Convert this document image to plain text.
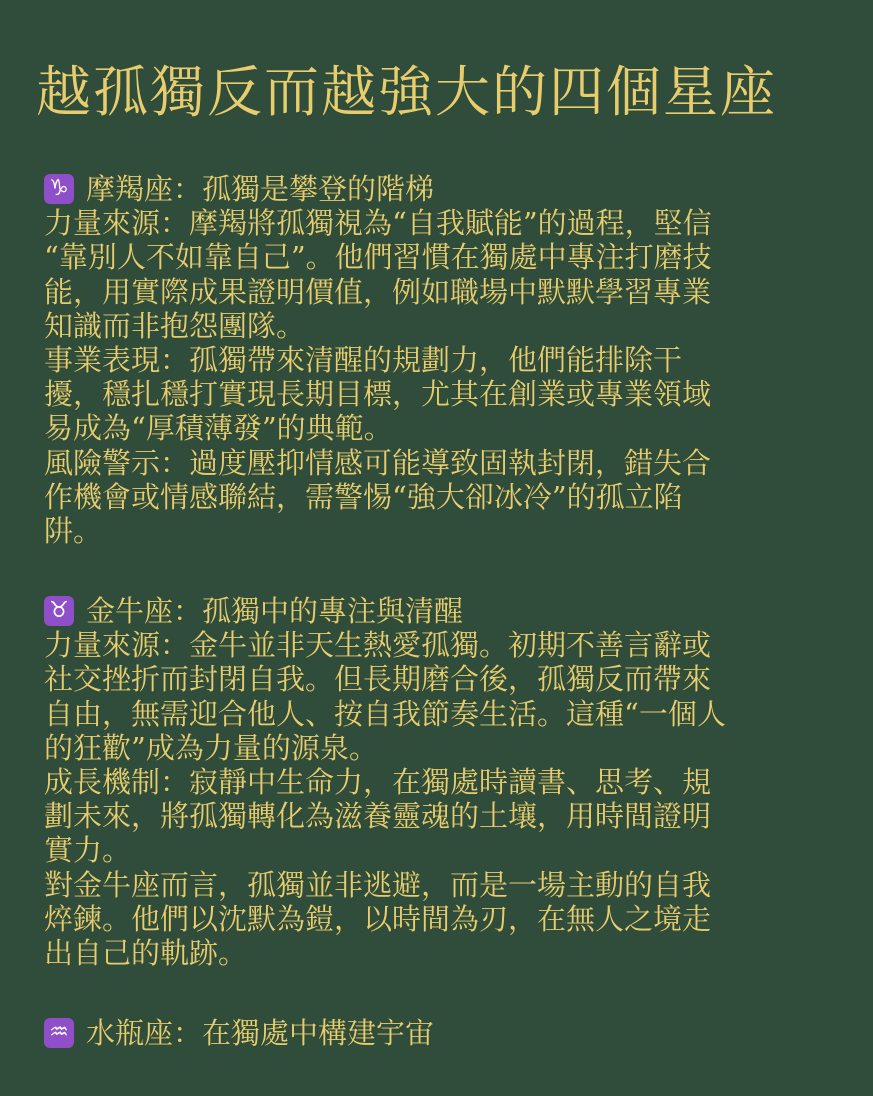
越孤獨反而越強大的四個星座
♑ 摩羯座：孤獨是攀登的階梯
力量來源：摩羯將孤獨視為“自我賦能”的過程，堅信
“靠別人不如靠自己”。他們習慣在獨處中專注打磨技
能，用實際成果證明價值，例如職場中默默學習專業
知識而非抱怨團隊。
事業表現：孤獨帶來清醒的規劃力，他們能排除干
擾，穩扎穩打實現長期目標，尤其在創業或專業領域
易成為“厚積薄發”的典範。
風險警示：過度壓抑情感可能導致固執封閉，錯失合
作機會或情感聯結，需警惕“強大卻冰冷”的孤立陷
阱。
♉ 金牛座：孤獨中的專注與清醒
力量來源：金牛並非天生熱愛孤獨。初期不善言辭或
社交挫折而封閉自我。但長期磨合後，孤獨反而帶來
自由，無需迎合他人、按自我節奏生活。這種“一個人
的狂歡”成為力量的源泉。
成長機制：寂靜中生命力，在獨處時讀書、思考、規
劃未來，將孤獨轉化為滋養靈魂的土壤，用時間證明
實力。
對金牛座而言，孤獨並非逃避，而是一場主動的自我
焠鍊。他們以沈默為鎧，以時間為刃，在無人之境走
出自己的軌跡。
♒ 水瓶座：在獨處中構建宇宙
